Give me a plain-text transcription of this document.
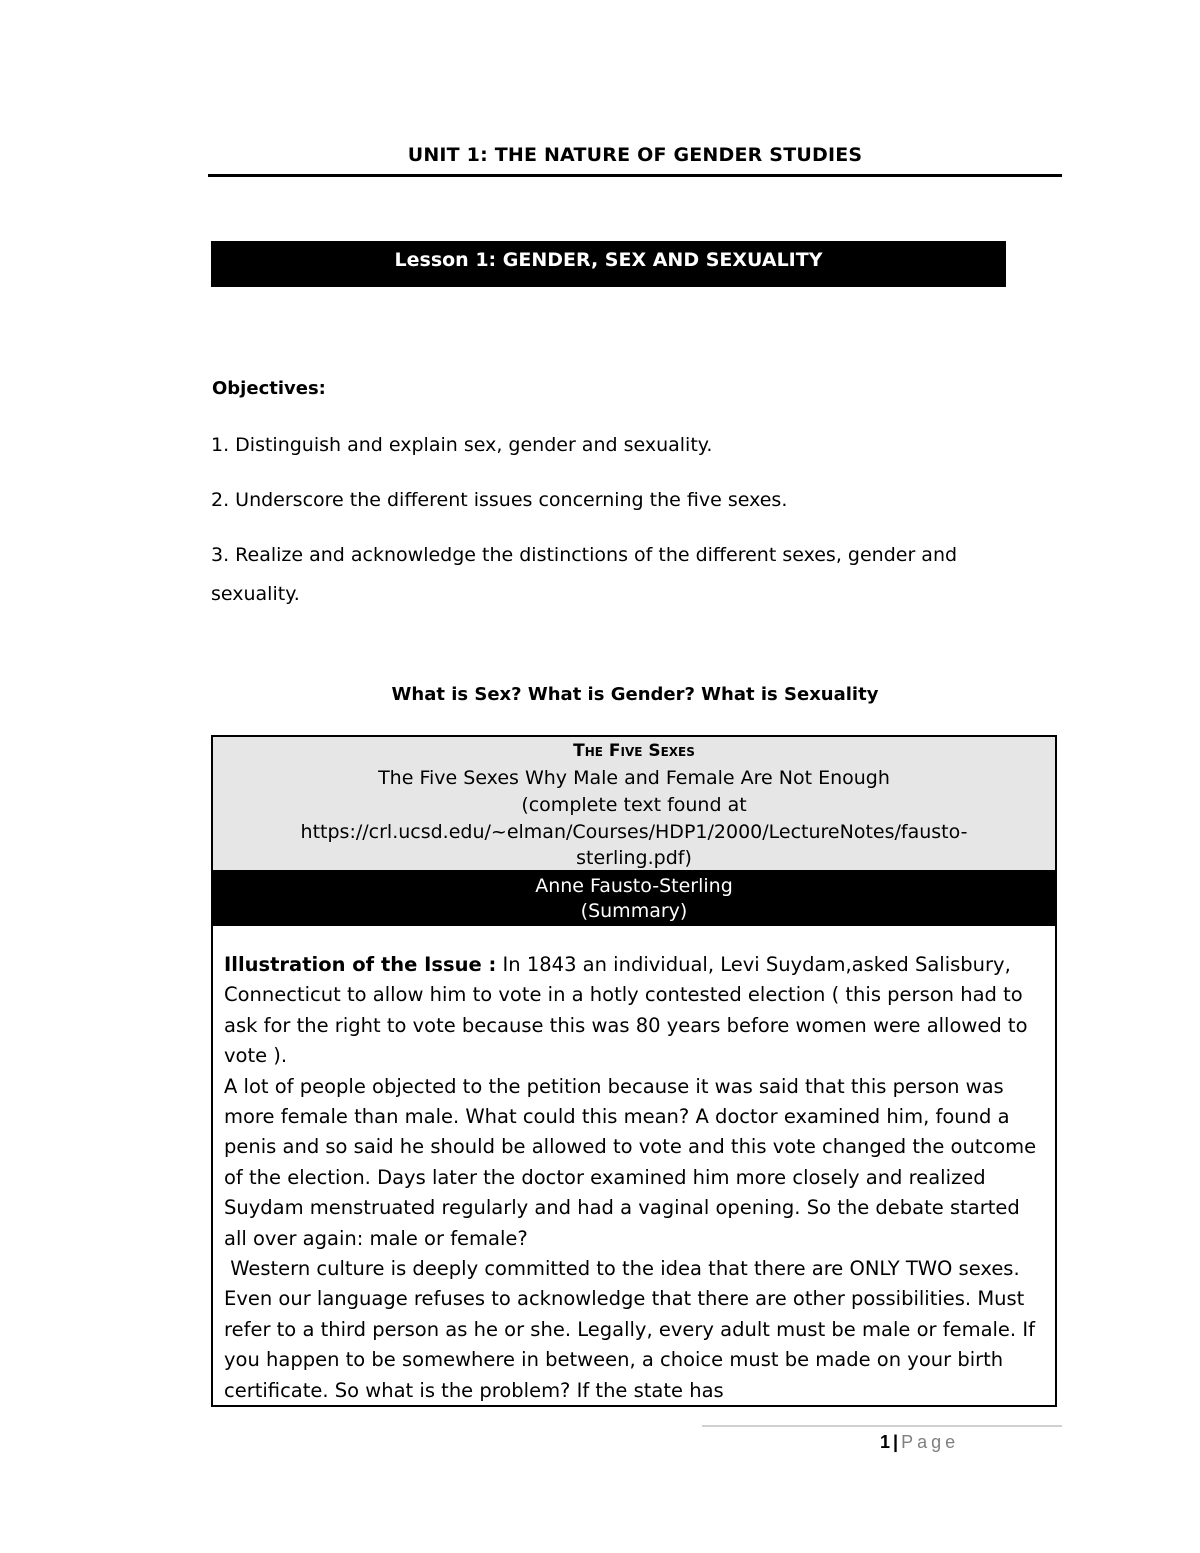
UNIT 1: THE NATURE OF GENDER STUDIES
Lesson 1: GENDER, SEX AND SEXUALITY
Objectives:
1. Distinguish and explain sex, gender and sexuality.
2. Underscore the different issues concerning the five sexes.
3. Realize and acknowledge the distinctions of the different sexes, gender and sexuality.
What is Sex? What is Gender? What is Sexuality
The Five Sexes
The Five Sexes Why Male and Female Are Not Enough
(complete text found at
https://crl.ucsd.edu/~elman/Courses/HDP1/2000/LectureNotes/fausto-
sterling.pdf)
Anne Fausto-Sterling
(Summary)
Illustration of the Issue : In 1843 an individual, Levi Suydam,asked Salisbury, Connecticut to allow him to vote in a hotly contested election ( this person had to ask for the right to vote because this was 80 years before women were allowed to vote ).
A lot of people objected to the petition because it was said that this person was more female than male. What could this mean? A doctor examined him, found a penis and so said he should be allowed to vote and this vote changed the outcome of the election. Days later the doctor examined him more closely and realized Suydam menstruated regularly and had a vaginal opening. So the debate started all over again: male or female?
Western culture is deeply committed to the idea that there are ONLY TWO sexes. Even our language refuses to acknowledge that there are other possibilities. Must refer to a third person as he or she. Legally, every adult must be male or female. If you happen to be somewhere in between, a choice must be made on your birth certificate. So what is the problem? If the state has
1 | Page
